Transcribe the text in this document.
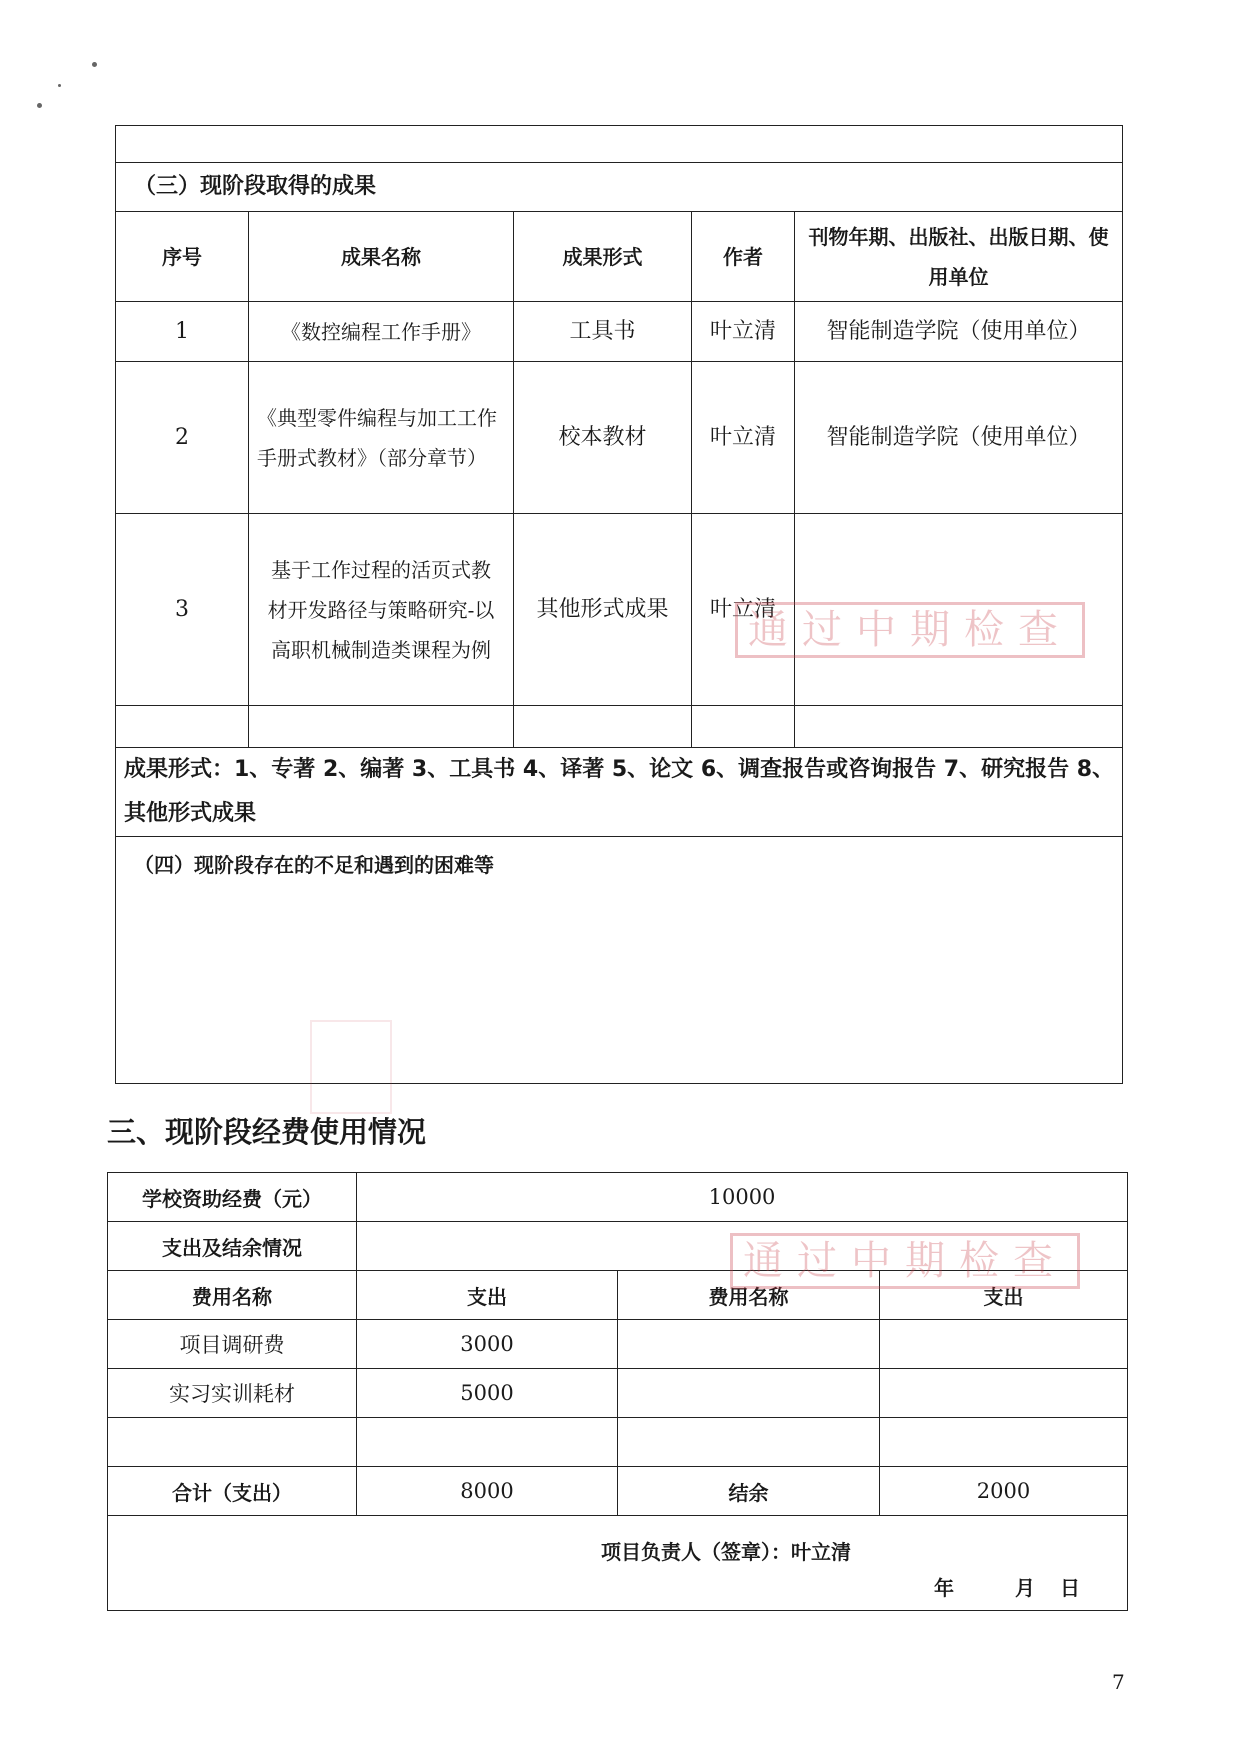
（三）现阶段取得的成果				
序号	成果名称	成果形式	作者	刊物年期、出版社、出版日期、使用单位
1	《数控编程工作手册》	工具书	叶立清	智能制造学院（使用单位）
2	《典型零件编程与加工工作手册式教材》（部分章节）	校本教材	叶立清	智能制造学院（使用单位）
3	基于工作过程的活页式教材开发路径与策略研究-以高职机械制造类课程为例	其他形式成果	叶立清	

成果形式：1、专著 2、编著 3、工具书 4、译著 5、论文 6、调查报告或咨询报告 7、研究报告 8、其他形式成果				
（四）现阶段存在的不足和遇到的困难等				
通过中期检查
三、现阶段经费使用情况
学校资助经费（元）	10000		
支出及结余情况			
费用名称	支出	费用名称	支出
项目调研费	3000		
实习实训耗材	5000		

合计（支出）	8000	结余	2000

项目负责人（签章）：叶立清
年 月 日			
通过中期检查
7
